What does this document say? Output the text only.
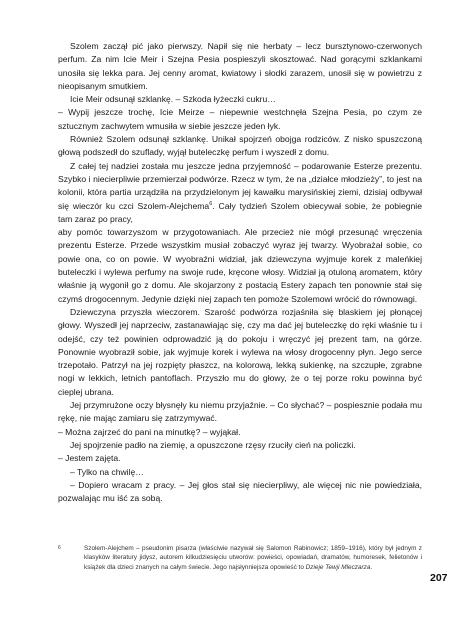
Szolem zaczął pić jako pierwszy. Napił się nie herbaty – lecz bursztynowo-czerwonych perfum. Za nim Icie Meir i Szejna Pesia pospieszyli skosztować. Nad gorącymi szklankami unosiła się lekka para. Jej cenny aromat, kwiatowy i słodki zarazem, unosił się w powietrzu z nieopisanym smutkiem.

Icie Meir odsunął szklankę. – Szkoda łyżeczki cukru…

– Wypij jeszcze trochę, Icie Meirze – niepewnie westchnęła Szejna Pesia, po czym ze sztucznym zachwytem wmusiła w siebie jeszcze jeden łyk.

Również Szolem odsunął szklankę. Unikał spojrzeń obojga rodziców. Z nisko spuszczoną głową podszedł do szuflady, wyjął buteleczkę perfum i wyszedł z domu.

Z całej tej nadziei została mu jeszcze jedna przyjemność – podarowanie Esterze prezentu. Szybko i niecierpliwie przemierzał podwórze. Rzecz w tym, że na „działce młodzieży”, to jest na kolonii, która partia urządziła na przydzielonym jej kawałku marysińskiej ziemi, dzisiaj odbywał się wieczór ku czci Szolem-Alejchema$^6$. Cały tydzień Szolem obiecywał sobie, że pobiegnie tam zaraz po pracy,

aby pomóc towarzyszom w przygotowaniach. Ale przecież nie mógł przesunąć wręczenia prezentu Esterze. Przede wszystkim musiał zobaczyć wyraz jej twarzy. Wyobrażał sobie, co powie ona, co on powie. W wyobraźni widział, jak dziewczyna wyjmuje korek z maleńkiej buteleczki i wylewa perfumy na swoje rude, kręcone włosy. Widział ją otuloną aromatem, który właśnie ją wygonił go z domu. Ale skojarzony z postacią Estery zapach ten ponownie stał się czymś drogocennym. Jedynie dzięki niej zapach ten pomoże Szolemowi wrócić do równowagi.

Dziewczyna przyszła wieczorem. Szarość podwórza rozjaśniła się blaskiem jej płonącej głowy. Wyszedł jej naprzeciw, zastanawiając się, czy ma dać jej buteleczkę do ręki właśnie tu i odejść, czy też powinien odprowadzić ją do pokoju i wręczyć jej prezent tam, na górze. Ponownie wyobraził sobie, jak wyjmuje korek i wylewa na włosy drogocenny płyn. Jego serce trzepotało. Patrzył na jej rozpięty płaszcz, na kolorową, lekką sukienkę, na szczupłe, zgrabne nogi w lekkich, letnich pantoflach. Przyszło mu do głowy, że o tej porze roku powinna być cieplej ubrana.

Jej przymrużone oczy błysnęły ku niemu przyjaźnie. – Co słychać? – pospiesznie podała mu rękę, nie mając zamiaru się zatrzymywać.

– Można zajrzeć do pani na minutkę? – wyjąkał.

Jej spojrzenie padło na ziemię, a opuszczone rzęsy rzuciły cień na policzki.

– Jestem zajęta.

– Tylko na chwilę…

– Dopiero wracam z pracy. – Jej głos stał się niecierpliwy, ale więcej nic nie powiedziała, pozwalając mu iść za sobą.

6	Szolem-Alejchem – pseudonim pisarza (właściwie nazywał się Salomon Rabinowicz; 1859–1916), który był jednym z klasyków literatury jidysz, autorem kilkudziesięciu utworów: powieści, opowiadań, dramatów, humoresek, felietonów i książek dla dzieci znanych na całym świecie. Jego najsłynniejsza opowieść to Dzieje Tewji Mleczarza.
207
